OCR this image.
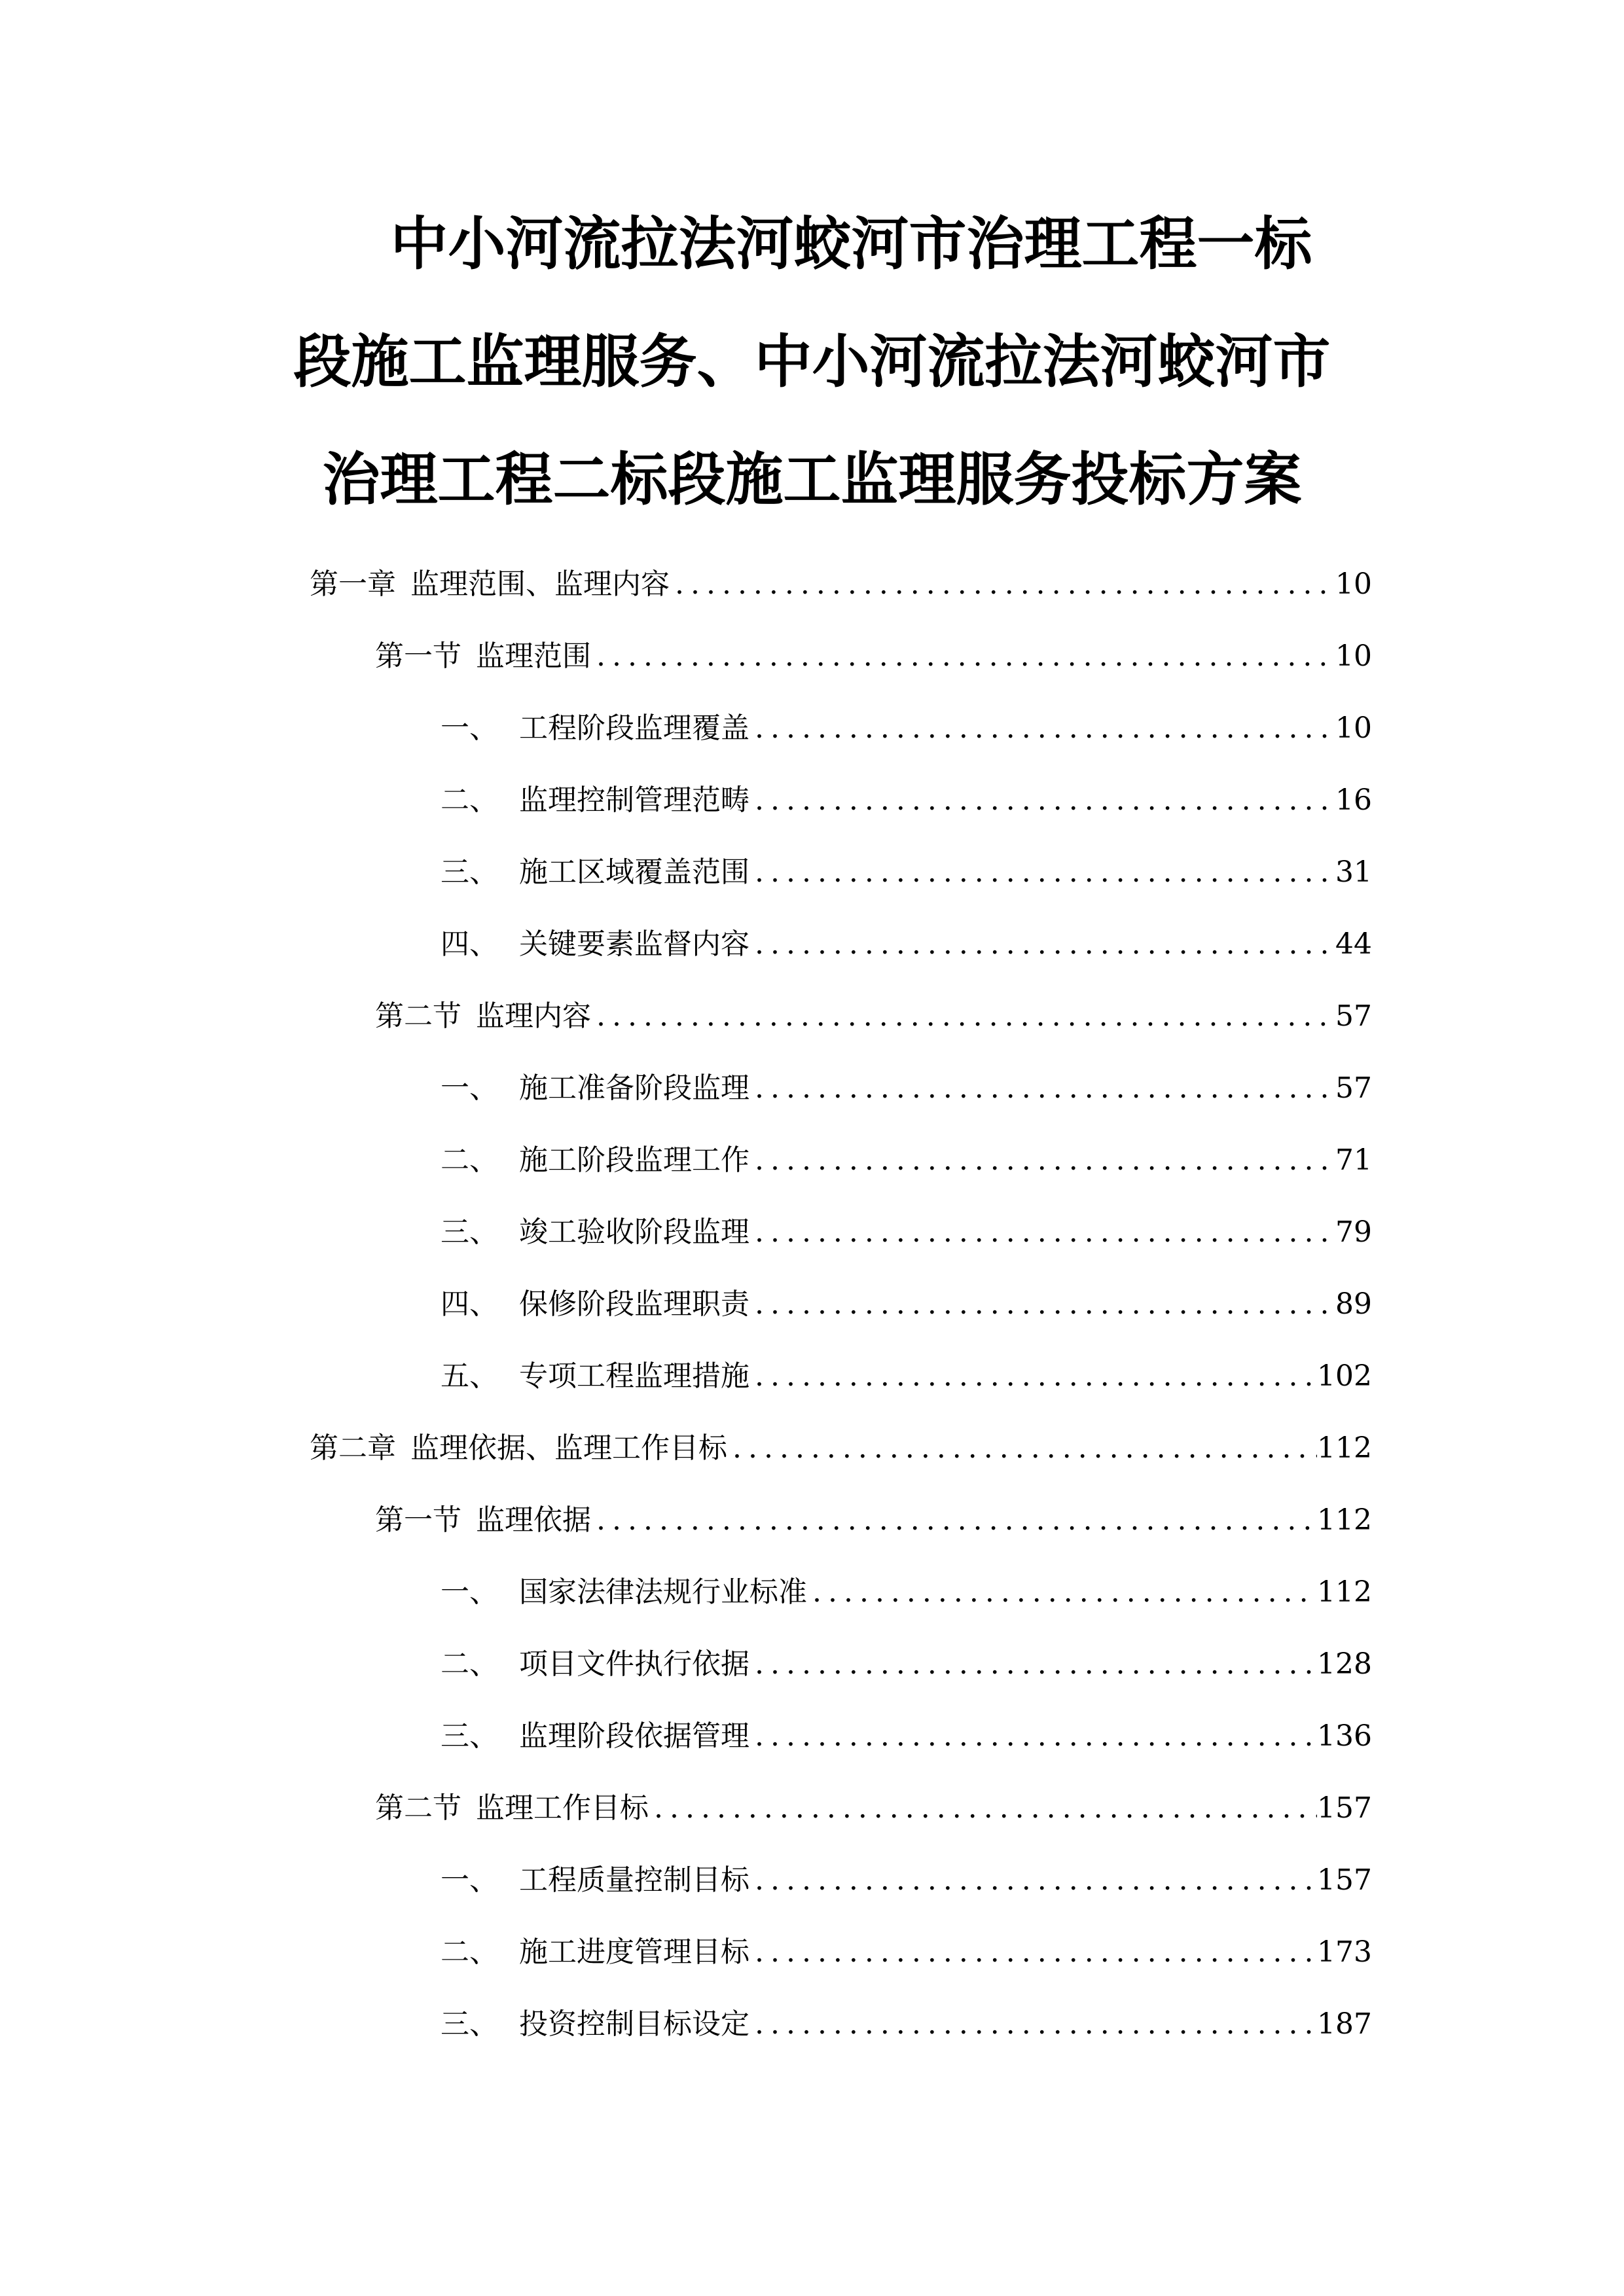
中小河流拉法河蛟河市治理工程一标
段施工监理服务、中小河流拉法河蛟河市
治理工程二标段施工监理服务投标方案
第一章 监理范围、监理内容 .....	10
第一节 监理范围 .....	10
一、 工程阶段监理覆盖 .....	10
二、 监理控制管理范畴 .....	16
三、 施工区域覆盖范围 .....	31
四、 关键要素监督内容 .....	44
第二节 监理内容 .....	57
一、 施工准备阶段监理 .....	57
二、 施工阶段监理工作 .....	71
三、 竣工验收阶段监理 .....	79
四、 保修阶段监理职责 .....	89
五、 专项工程监理措施 .....	102
第二章 监理依据、监理工作目标 .....	112
第一节 监理依据 .....	112
一、 国家法律法规行业标准 .....	112
二、 项目文件执行依据 .....	128
三、 监理阶段依据管理 .....	136
第二节 监理工作目标 .....	157
一、 工程质量控制目标 .....	157
二、 施工进度管理目标 .....	173
三、 投资控制目标设定 .....	187
